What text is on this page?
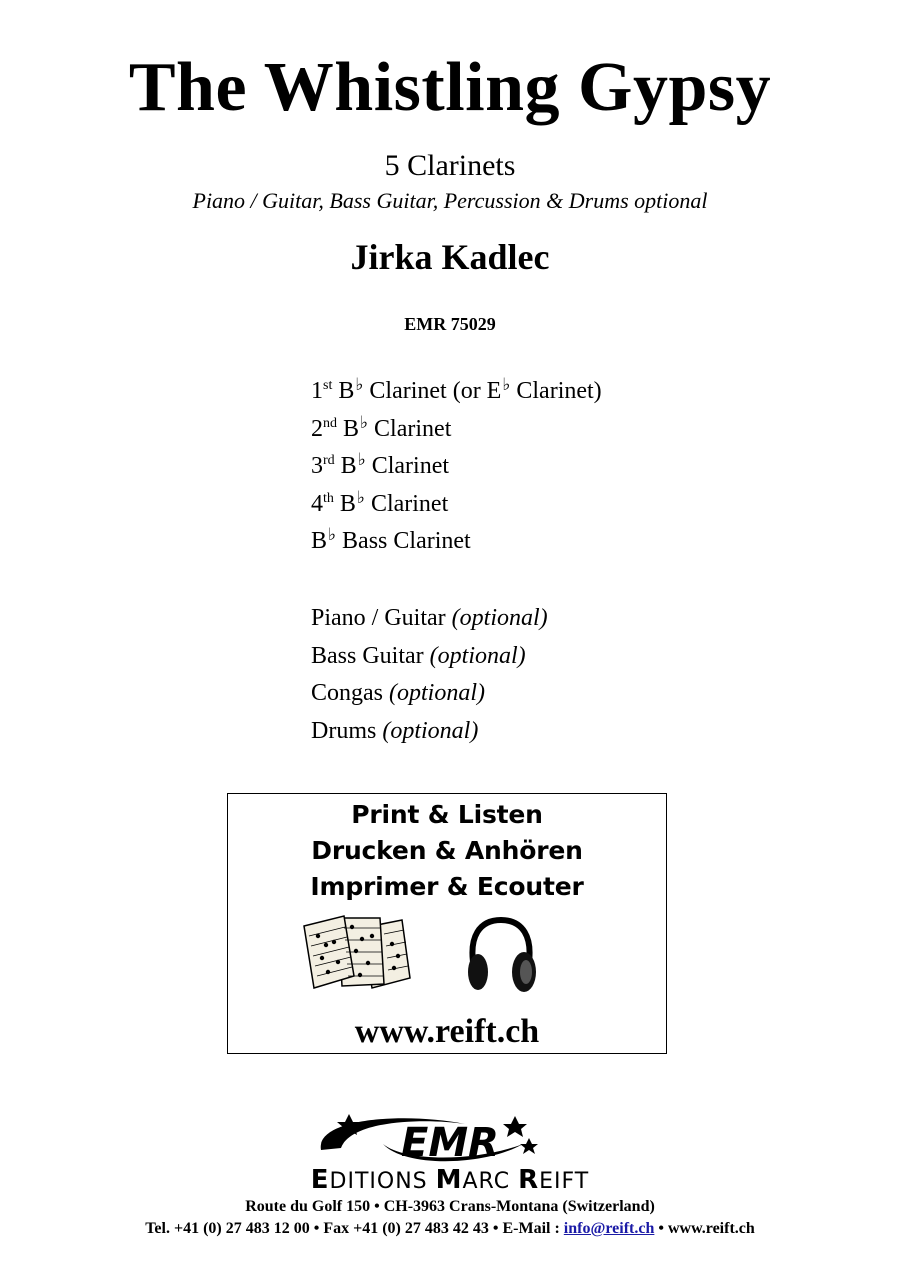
The Whistling Gypsy
5 Clarinets
Piano / Guitar, Bass Guitar, Percussion & Drums optional
Jirka Kadlec
EMR 75029
1st B♭ Clarinet (or E♭ Clarinet)
2nd B♭ Clarinet
3rd B♭ Clarinet
4th B♭ Clarinet
B♭ Bass Clarinet
Piano / Guitar (optional)
Bass Guitar (optional)
Congas (optional)
Drums (optional)
Print & Listen
Drucken & Anhören
Imprimer & Ecouter
www.reift.ch
EMR
EDITIONS MARC REIFT
Route du Golf 150 • CH-3963 Crans-Montana (Switzerland)
Tel. +41 (0) 27 483 12 00 • Fax +41 (0) 27 483 42 43 • E-Mail : info@reift.ch • www.reift.ch
